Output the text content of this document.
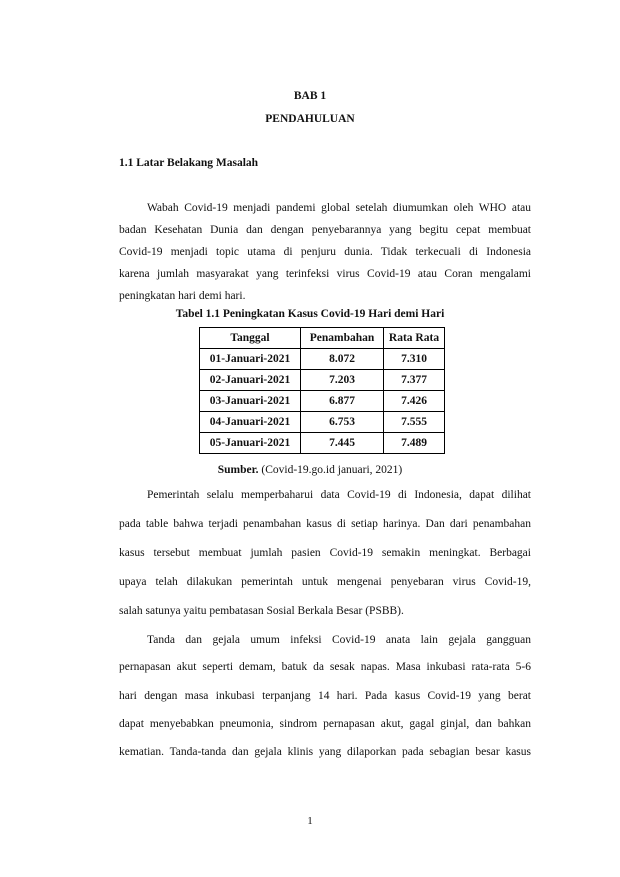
BAB 1
PENDAHULUAN
1.1 Latar Belakang Masalah
Wabah Covid-19 menjadi pandemi global setelah diumumkan oleh WHO atau
badan Kesehatan Dunia dan dengan penyebarannya yang begitu cepat membuat
Covid-19 menjadi topic utama di penjuru dunia. Tidak terkecuali di Indonesia
karena jumlah masyarakat yang terinfeksi virus Covid-19 atau Coran mengalami
peningkatan hari demi hari.
Tabel 1.1 Peningkatan Kasus Covid-19 Hari demi Hari
Tanggal	Penambahan	Rata Rata
01-Januari-2021	8.072	7.310
02-Januari-2021	7.203	7.377
03-Januari-2021	6.877	7.426
04-Januari-2021	6.753	7.555
05-Januari-2021	7.445	7.489
Sumber. (Covid-19.go.id januari, 2021)
Pemerintah selalu memperbaharui data Covid-19 di Indonesia, dapat dilihat
pada table bahwa terjadi penambahan kasus di setiap harinya. Dan dari penambahan
kasus tersebut membuat jumlah pasien Covid-19 semakin meningkat. Berbagai
upaya telah dilakukan pemerintah untuk mengenai penyebaran virus Covid-19,
salah satunya yaitu pembatasan Sosial Berkala Besar (PSBB).
Tanda dan gejala umum infeksi Covid-19 anata lain gejala gangguan
pernapasan akut seperti demam, batuk da sesak napas. Masa inkubasi rata-rata 5-6
hari dengan masa inkubasi terpanjang 14 hari. Pada kasus Covid-19 yang berat
dapat menyebabkan pneumonia, sindrom pernapasan akut, gagal ginjal, dan bahkan
kematian. Tanda-tanda dan gejala klinis yang dilaporkan pada sebagian besar kasus
1
